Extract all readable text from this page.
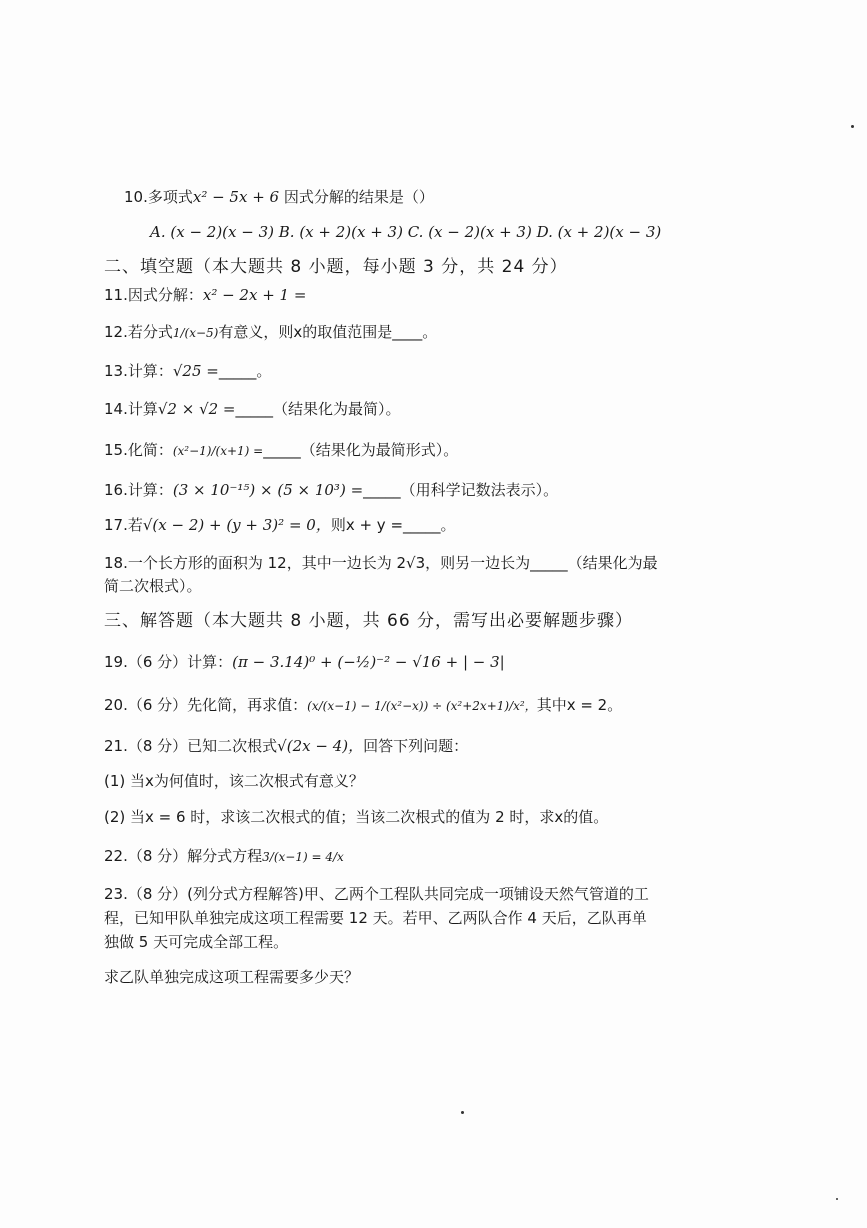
10.多项式x² − 5x + 6 因式分解的结果是（）
A. (x − 2)(x − 3) B. (x + 2)(x + 3) C. (x − 2)(x + 3) D. (x + 2)(x − 3)
二、填空题（本大题共 8 小题，每小题 3 分，共 24 分）
11.因式分解：x² − 2x + 1 =
12.若分式1/(x−5)有意义，则x的取值范围是____。
13.计算：√25 =_____。
14.计算√2 × √2 =_____（结果化为最简）。
15.化简：(x²−1)/(x+1) =_____（结果化为最简形式）。
16.计算：(3 × 10⁻¹⁵) × (5 × 10³) =_____（用科学记数法表示）。
17.若√(x − 2) + (y + 3)² = 0，则x + y =_____。
18.一个长方形的面积为 12，其中一边长为 2√3，则另一边长为_____（结果化为最
简二次根式）。
三、解答题（本大题共 8 小题，共 66 分，需写出必要解题步骤）
19.（6 分）计算：(π − 3.14)⁰ + (−½)⁻² − √16 + | − 3|
20.（6 分）先化简，再求值：(x/(x−1) − 1/(x²−x)) ÷ (x²+2x+1)/x²，其中x = 2。
21.（8 分）已知二次根式√(2x − 4)，回答下列问题：
(1) 当x为何值时，该二次根式有意义？
(2) 当x = 6 时，求该二次根式的值；当该二次根式的值为 2 时，求x的值。
22.（8 分）解分式方程3/(x−1) = 4/x
23.（8 分）(列分式方程解答)甲、乙两个工程队共同完成一项铺设天然气管道的工
程，已知甲队单独完成这项工程需要 12 天。若甲、乙两队合作 4 天后，乙队再单
独做 5 天可完成全部工程。
求乙队单独完成这项工程需要多少天？
